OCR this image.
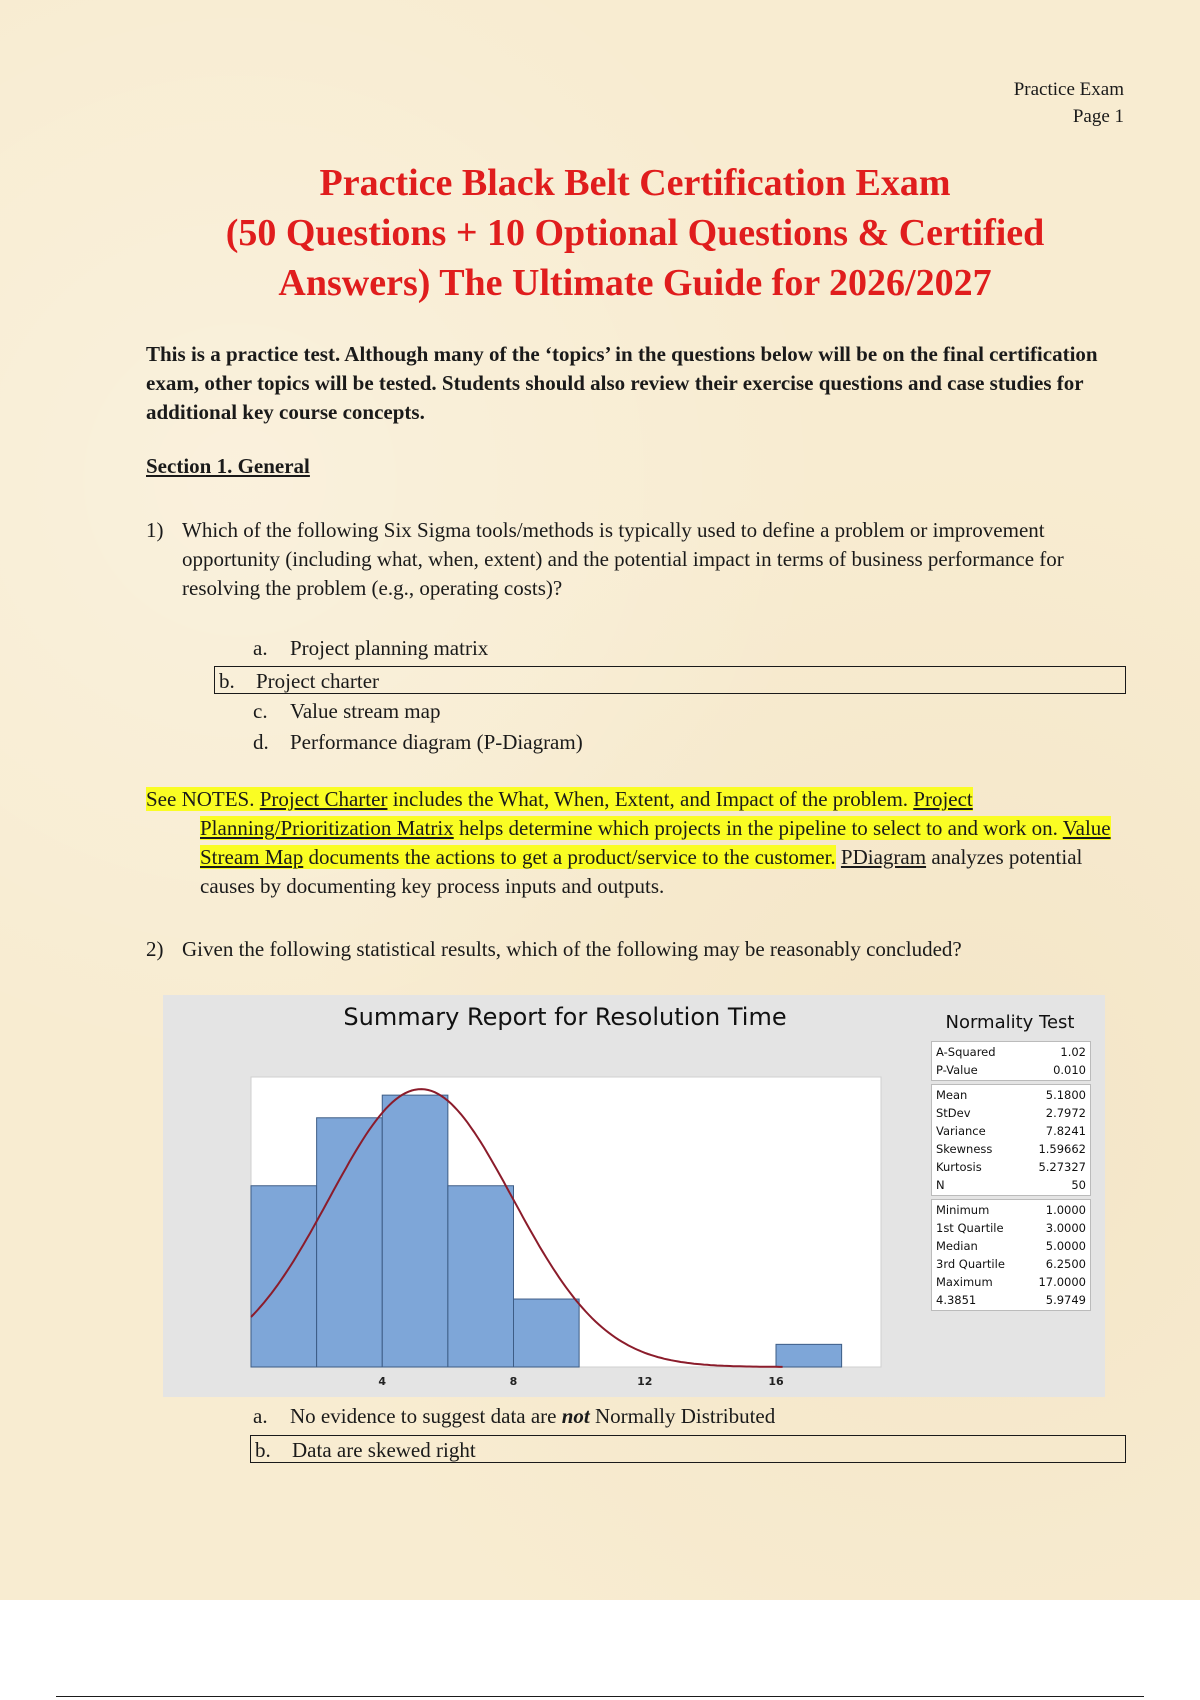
Practice Exam
Page 1
Practice Black Belt Certification Exam
(50 Questions + 10 Optional Questions & Certified
Answers) The Ultimate Guide for 2026/2027
This is a practice test. Although many of the ‘topics’ in the questions below will be on the final certification exam, other topics will be tested. Students should also review their exercise questions and case studies for additional key course concepts.
Section 1. General
1) Which of the following Six Sigma tools/methods is typically used to define a problem or improvement opportunity (including what, when, extent) and the potential impact in terms of business performance for resolving the problem (e.g., operating costs)?
a.	Project planning matrix
b.	Project charter
c.	Value stream map
d.	Performance diagram (P-Diagram)
See NOTES. Project Charter includes the What, When, Extent, and Impact of the problem. Project Planning/Prioritization Matrix helps determine which projects in the pipeline to select to and work on. Value Stream Map documents the actions to get a product/service to the customer. PDiagram analyzes potential causes by documenting key process inputs and outputs.
2) Given the following statistical results, which of the following may be reasonably concluded?
Summary Report for Resolution Time
4	8	12	16
Normality Test
A-Squared	1.02
P-Value	0.010
Mean	5.1800
StDev	2.7972
Variance	7.8241
Skewness	1.59662
Kurtosis	5.27327
N	50
Minimum	1.0000
1st Quartile	3.0000
Median	5.0000
3rd Quartile	6.2500
Maximum	17.0000
4.3851	5.9749
a.	No evidence to suggest data are not Normally Distributed
b.	Data are skewed right
